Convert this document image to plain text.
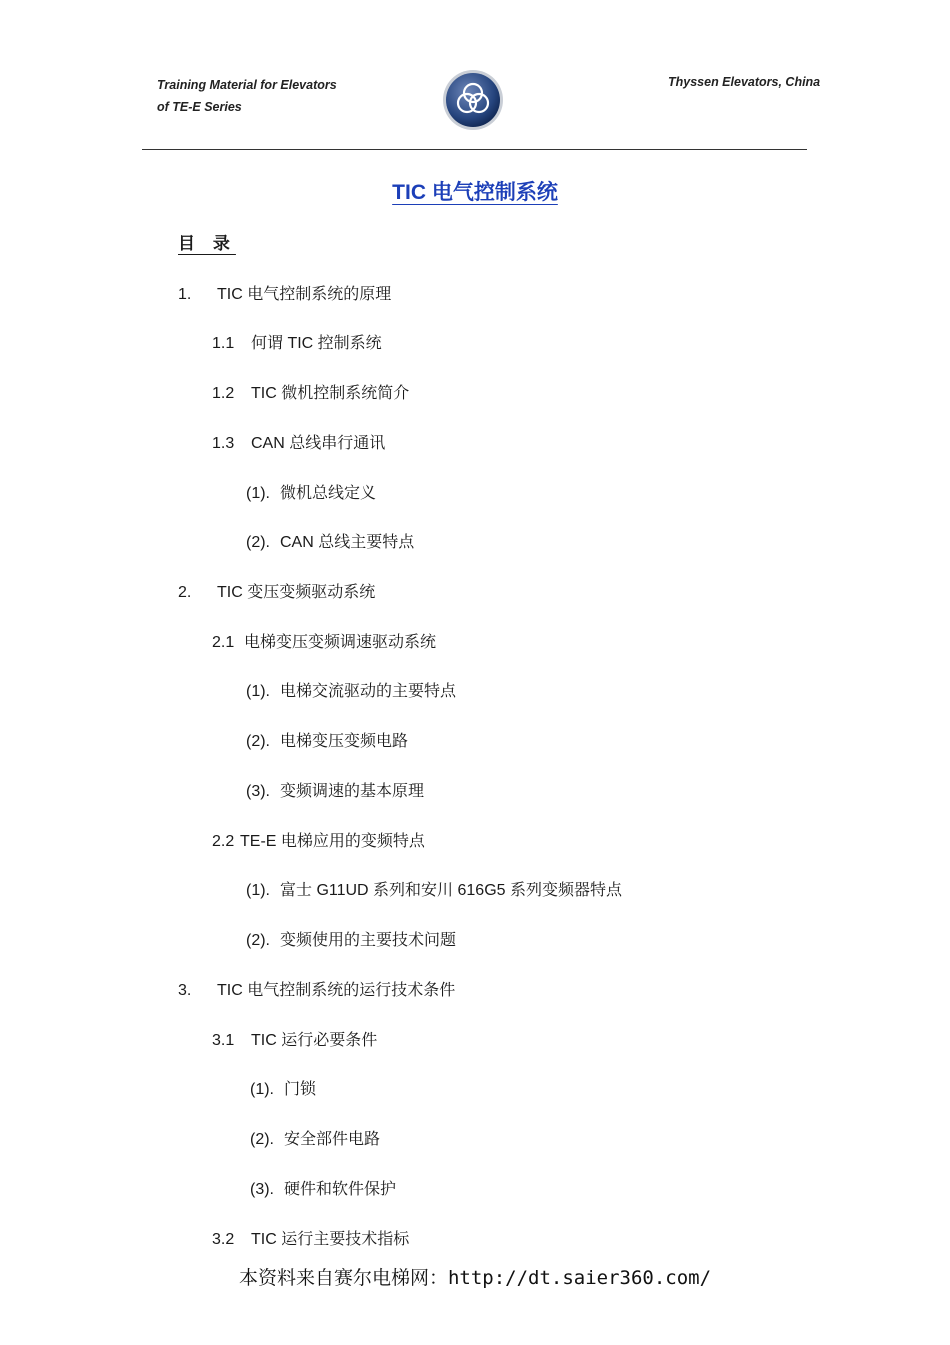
Training Material for Elevators
of TE-E Series
Thyssen Elevators, China
TIC 电气控制系统
目 录
1. TIC 电气控制系统的原理
1.1 何谓 TIC 控制系统
1.2 TIC 微机控制系统简介
1.3 CAN 总线串行通讯
(1). 微机总线定义
(2). CAN 总线主要特点
2. TIC 变压变频驱动系统
2.1 电梯变压变频调速驱动系统
(1). 电梯交流驱动的主要特点
(2). 电梯变压变频电路
(3). 变频调速的基本原理
2.2 TE-E 电梯应用的变频特点
(1). 富士 G11UD 系列和安川 616G5 系列变频器特点
(2). 变频使用的主要技术问题
3. TIC 电气控制系统的运行技术条件
3.1 TIC 运行必要条件
(1). 门锁
(2). 安全部件电路
(3). 硬件和软件保护
3.2 TIC 运行主要技术指标
本资料来自赛尔电梯网：http://dt.saier360.com/
